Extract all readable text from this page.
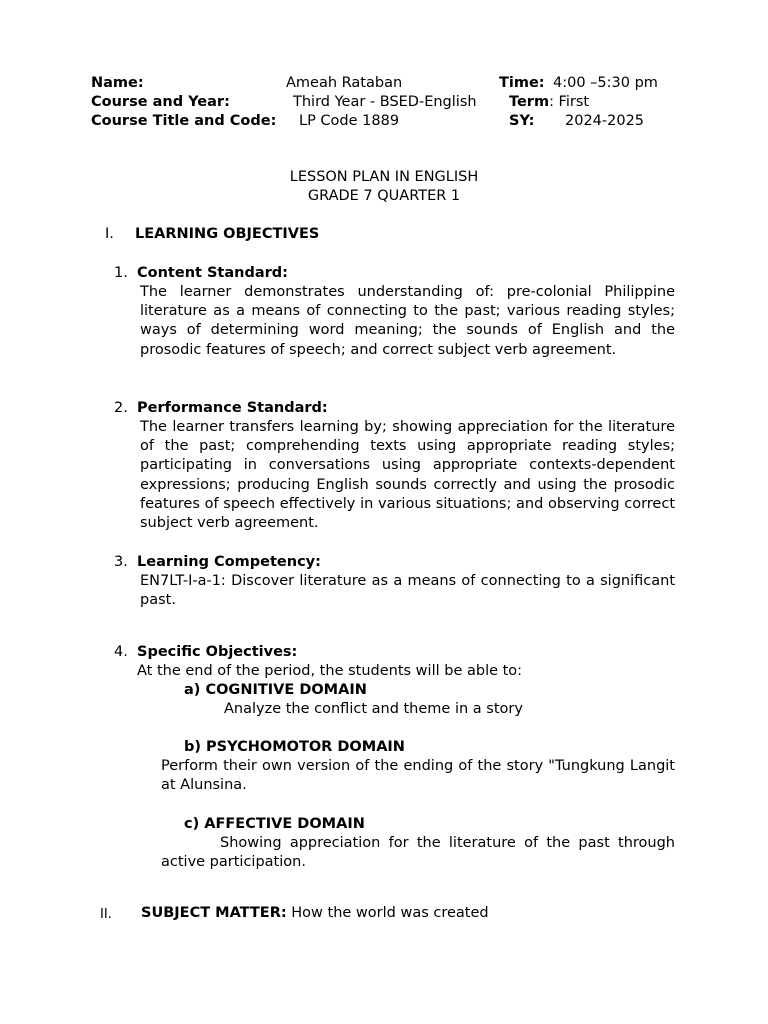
Name:	Ameah Rataban	Time: 4:00 –5:30 pm
Course and Year:	Third Year - BSED-English Term: First
Course Title and Code: LP Code 1889	SY: 2024-2025
LESSON PLAN IN ENGLISH
GRADE 7 QUARTER 1
I. LEARNING OBJECTIVES
1. Content Standard:
The learner demonstrates understanding of: pre-colonial Philippine literature as a means of connecting to the past; various reading styles; ways of determining word meaning; the sounds of English and the prosodic features of speech; and correct subject verb agreement.
2. Performance Standard:
The learner transfers learning by; showing appreciation for the literature of the past; comprehending texts using appropriate reading styles; participating in conversations using appropriate contexts-dependent expressions; producing English sounds correctly and using the prosodic features of speech effectively in various situations; and observing correct subject verb agreement.
3. Learning Competency:
EN7LT-I-a-1: Discover literature as a means of connecting to a significant past.
4. Specific Objectives:
At the end of the period, the students will be able to:
a) COGNITIVE DOMAIN
Analyze the conflict and theme in a story
b) PSYCHOMOTOR DOMAIN
Perform their own version of the ending of the story "Tungkung Langit at Alunsina.
c) AFFECTIVE DOMAIN
Showing appreciation for the literature of the past through active participation.
II. SUBJECT MATTER: How the world was created
